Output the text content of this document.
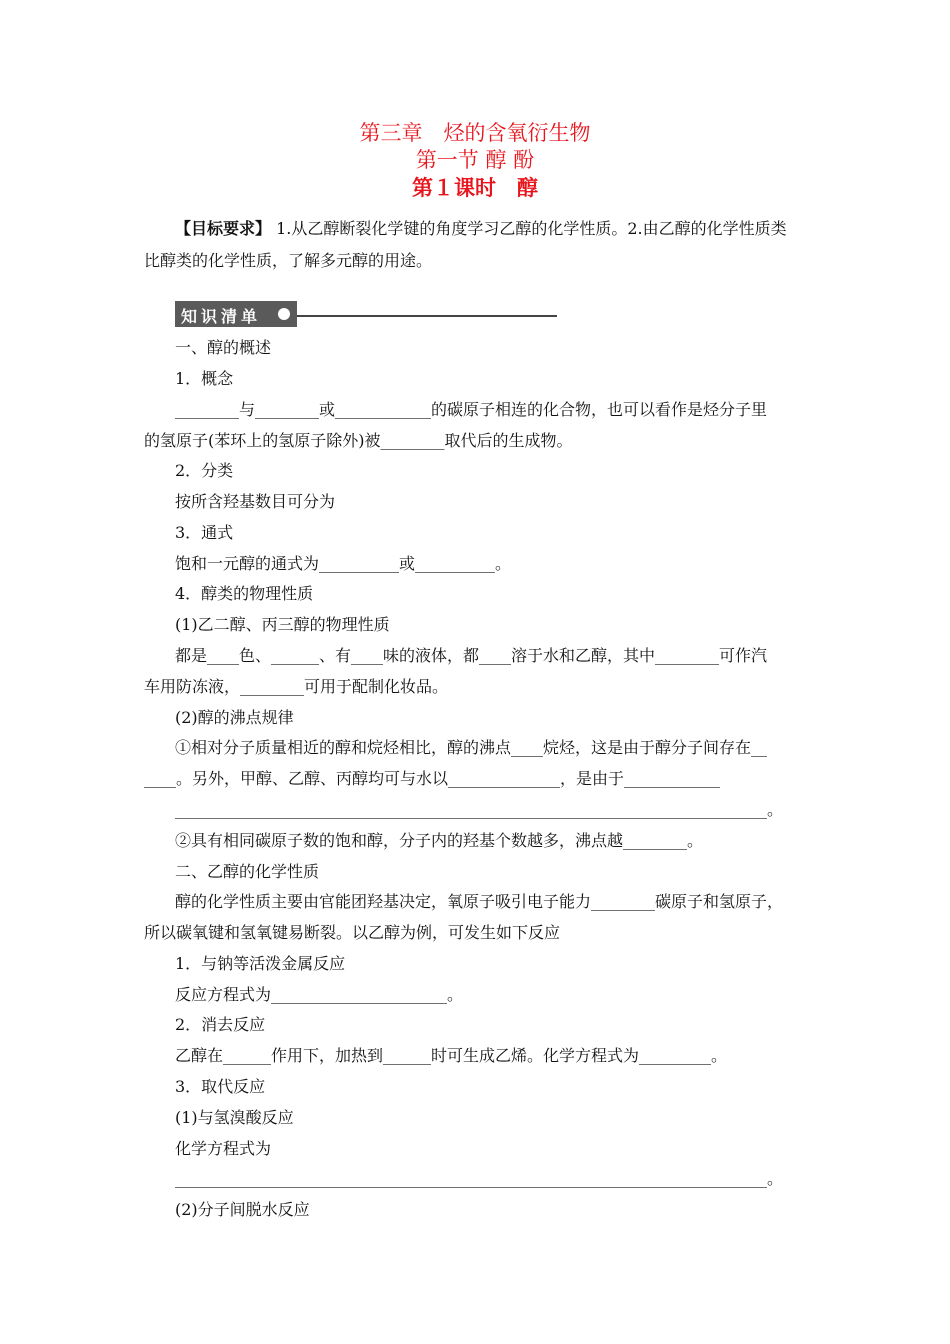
第三章　烃的含氧衍生物
第一节 醇 酚
第１课时　醇
【目标要求】 1.从乙醇断裂化学键的角度学习乙醇的化学性质。2.由乙醇的化学性质类
比醇类的化学性质，了解多元醇的用途。
知识清单
一、醇的概述
1．概念
________与________或____________的碳原子相连的化合物，也可以看作是烃分子里
的氢原子(苯环上的氢原子除外)被________取代后的生成物。
2．分类
按所含羟基数目可分为
3．通式
饱和一元醇的通式为__________或__________。
4．醇类的物理性质
(1)乙二醇、丙三醇的物理性质
都是____色、______、有____味的液体，都____溶于水和乙醇，其中________可作汽
车用防冻液，________可用于配制化妆品。
(2)醇的沸点规律
①相对分子质量相近的醇和烷烃相比，醇的沸点____烷烃，这是由于醇分子间存在__
____。另外，甲醇、乙醇、丙醇均可与水以______________，是由于____________
__________________________________________________________________________。
②具有相同碳原子数的饱和醇，分子内的羟基个数越多，沸点越________。
二、乙醇的化学性质
醇的化学性质主要由官能团羟基决定，氧原子吸引电子能力________碳原子和氢原子，
所以碳氧键和氢氧键易断裂。以乙醇为例，可发生如下反应
1．与钠等活泼金属反应
反应方程式为______________________。
2．消去反应
乙醇在______作用下，加热到______时可生成乙烯。化学方程式为_________。
3．取代反应
(1)与氢溴酸反应
化学方程式为
__________________________________________________________________________。
(2)分子间脱水反应
